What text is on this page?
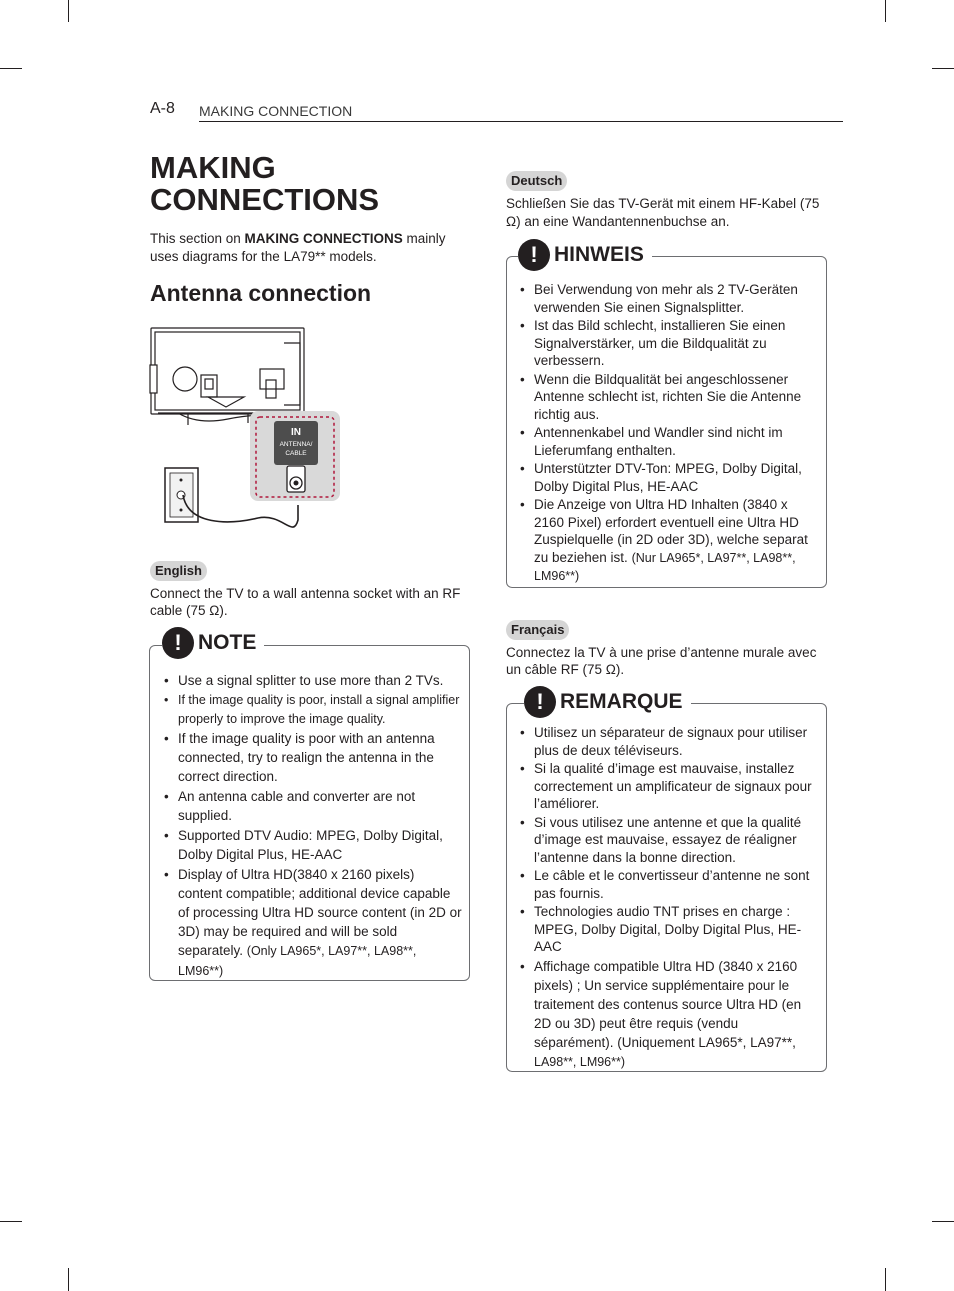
A-8 MAKING CONNECTION
MAKING
CONNECTIONS

This section on MAKING CONNECTIONS mainly uses diagrams for the LA79** models.

Antenna connection
IN
ANTENNA/
CABLE
English

Connect the TV to a wall antenna socket with an RF cable (75 Ω).

! NOTE
• Use a signal splitter to use more than 2 TVs.
• If the image quality is poor, install a signal amplifier properly to improve the image quality.
• If the image quality is poor with an antenna connected, try to realign the antenna in the correct direction.
• An antenna cable and converter are not supplied.
• Supported DTV Audio: MPEG, Dolby Digital, Dolby Digital Plus, HE-AAC
• Display of Ultra HD(3840 x 2160 pixels) content compatible; additional device capable of processing Ultra HD source content (in 2D or 3D) may be required and will be sold separately. (Only LA965*, LA97**, LA98**, LM96**)
Deutsch

Schließen Sie das TV-Gerät mit einem HF-Kabel (75 Ω) an eine Wandantennenbuchse an.

! HINWEIS
• Bei Verwendung von mehr als 2 TV-Geräten verwenden Sie einen Signalsplitter.
• Ist das Bild schlecht, installieren Sie einen Signalverstärker, um die Bildqualität zu verbessern.
• Wenn die Bildqualität bei angeschlossener Antenne schlecht ist, richten Sie die Antenne richtig aus.
• Antennenkabel und Wandler sind nicht im Lieferumfang enthalten.
• Unterstützter DTV-Ton: MPEG, Dolby Digital, Dolby Digital Plus, HE-AAC
• Die Anzeige von Ultra HD Inhalten (3840 x 2160 Pixel) erfordert eventuell eine Ultra HD Zuspielquelle (in 2D oder 3D), welche separat zu beziehen ist. (Nur LA965*, LA97**, LA98**, LM96**)
Français

Connectez la TV à une prise d’antenne murale avec un câble RF (75 Ω).

! REMARQUE
• Utilisez un séparateur de signaux pour utiliser plus de deux téléviseurs.
• Si la qualité d’image est mauvaise, installez correctement un amplificateur de signaux pour l’améliorer.
• Si vous utilisez une antenne et que la qualité d’image est mauvaise, essayez de réaligner l’antenne dans la bonne direction.
• Le câble et le convertisseur d’antenne ne sont pas fournis.
• Technologies audio TNT prises en charge : MPEG, Dolby Digital, Dolby Digital Plus, HE-AAC
• Affichage compatible Ultra HD (3840 x 2160 pixels) ; Un service supplémentaire pour le traitement des contenus source Ultra HD (en 2D ou 3D) peut être requis (vendu séparément). (Uniquement LA965*, LA97**, LA98**, LM96**)
